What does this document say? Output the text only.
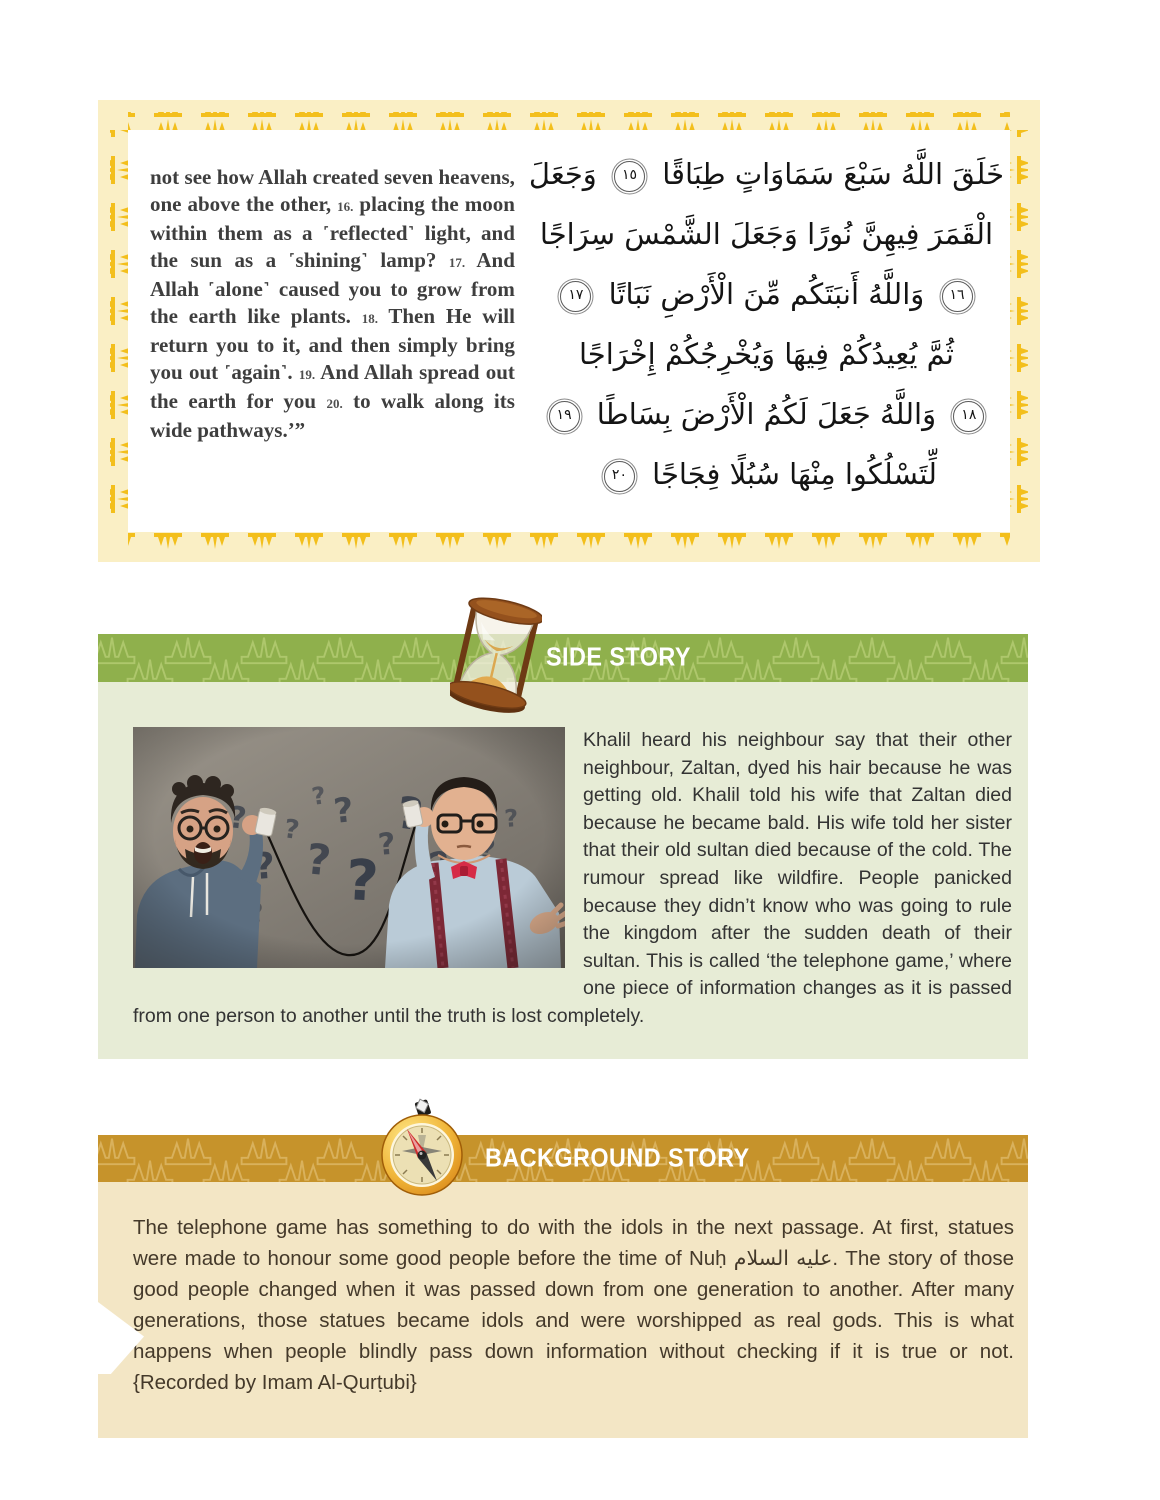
not see how Allah created seven heavens, one above the other, 16. placing the moon within them as a ˹reflected˺ light, and the sun as a ˹shining˺ lamp? 17. And Allah ˹alone˺ caused you to grow from the earth like plants. 18. Then He will return you to it, and then simply bring you out ˹again˺. 19. And Allah spread out the earth for you 20. to walk along its wide pathways.’”
خَلَقَ اللَّهُ سَبْعَ سَمَاوَاتٍ طِبَاقًا ١٥ وَجَعَلَ
الْقَمَرَ فِيهِنَّ نُورًا وَجَعَلَ الشَّمْسَ سِرَاجًا
١٦ وَاللَّهُ أَنبَتَكُم مِّنَ الْأَرْضِ نَبَاتًا ١٧
ثُمَّ يُعِيدُكُمْ فِيهَا وَيُخْرِجُكُمْ إِخْرَاجًا
١٨ وَاللَّهُ جَعَلَ لَكُمُ الْأَرْضَ بِسَاطًا ١٩
لِّتَسْلُكُوا مِنْهَا سُبُلًا فِجَاجًا ٢٠
SIDE STORY

Khalil heard his neighbour say that their other neighbour, Zaltan, dyed his hair because he was getting old. Khalil told his wife that Zaltan died because he became bald. His wife told her sister that their old sultan died because of the cold. The rumour spread like wildfire. People panicked because they didn’t know who was going to rule the kingdom after the sudden death of their sultan. This is called ‘the telephone game,’ where one piece of information changes as it is passed from one person to another until the truth is lost completely.

BACKGROUND STORY

The telephone game has something to do with the idols in the next passage. At first, statues were made to honour some good people before the time of Nuḥ عليه السلام. The story of those good people changed when it was passed down from one generation to another. After many generations, those statues became idols and were worshipped as real gods. This is what happens when people blindly pass down information without checking if it is true or not. {Recorded by Imam Al-Qurṭubi}
